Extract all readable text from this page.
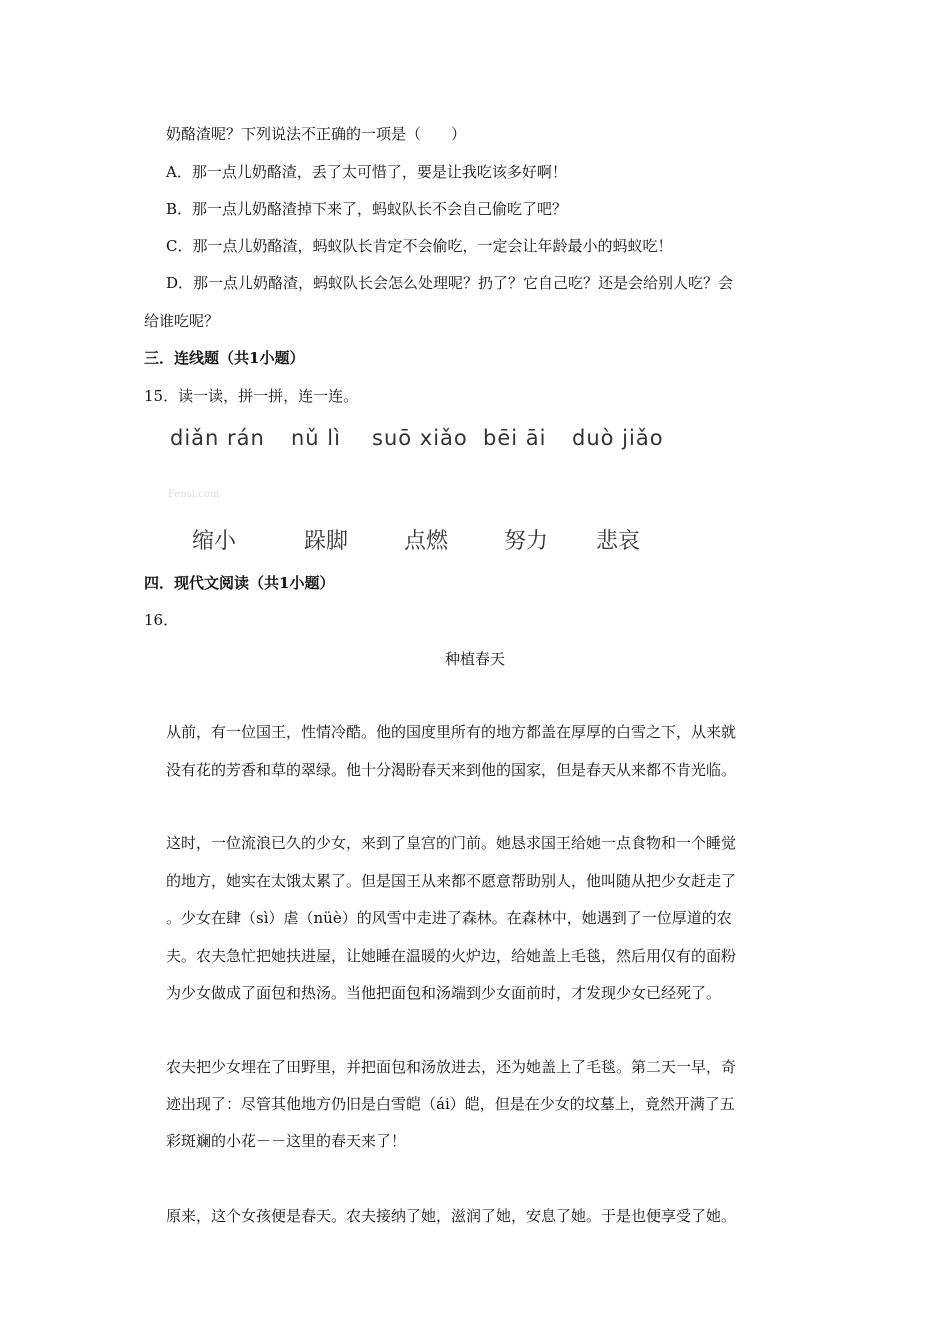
奶酪渣呢？下列说法不正确的一项是（　　）
A．那一点儿奶酪渣，丢了太可惜了，要是让我吃该多好啊！
B．那一点儿奶酪渣掉下来了，蚂蚁队长不会自己偷吃了吧？
C．那一点儿奶酪渣，蚂蚁队长肯定不会偷吃，一定会让年龄最小的蚂蚁吃！
D．那一点儿奶酪渣，蚂蚁队长会怎么处理呢？扔了？它自己吃？还是会给别人吃？会
给谁吃呢？
三．连线题（共1小题）
15．读一读，拼一拼，连一连。
diǎn rán nǔ lì suō xiǎo bēi āi duò jiǎo
Fensi.com
缩小	跺脚	点燃	努力 悲哀
四．现代文阅读（共1小题）
16．
种植春天
从前，有一位国王，性情冷酷。他的国度里所有的地方都盖在厚厚的白雪之下，从来就
没有花的芳香和草的翠绿。他十分渴盼春天来到他的国家，但是春天从来都不肯光临。
这时，一位流浪已久的少女，来到了皇宫的门前。她恳求国王给她一点食物和一个睡觉
的地方，她实在太饿太累了。但是国王从来都不愿意帮助别人，他叫随从把少女赶走了
。少女在肆（sì）虐（nüè）的风雪中走进了森林。在森林中，她遇到了一位厚道的农
夫。农夫急忙把她扶进屋，让她睡在温暖的火炉边，给她盖上毛毯，然后用仅有的面粉
为少女做成了面包和热汤。当他把面包和汤端到少女面前时，才发现少女已经死了。
农夫把少女埋在了田野里，并把面包和汤放进去，还为她盖上了毛毯。第二天一早，奇
迹出现了：尽管其他地方仍旧是白雪皑（ái）皑，但是在少女的坟墓上，竟然开满了五
彩斑斓的小花－－这里的春天来了！
原来，这个女孩便是春天。农夫接纳了她，滋润了她，安息了她。于是也便享受了她。
